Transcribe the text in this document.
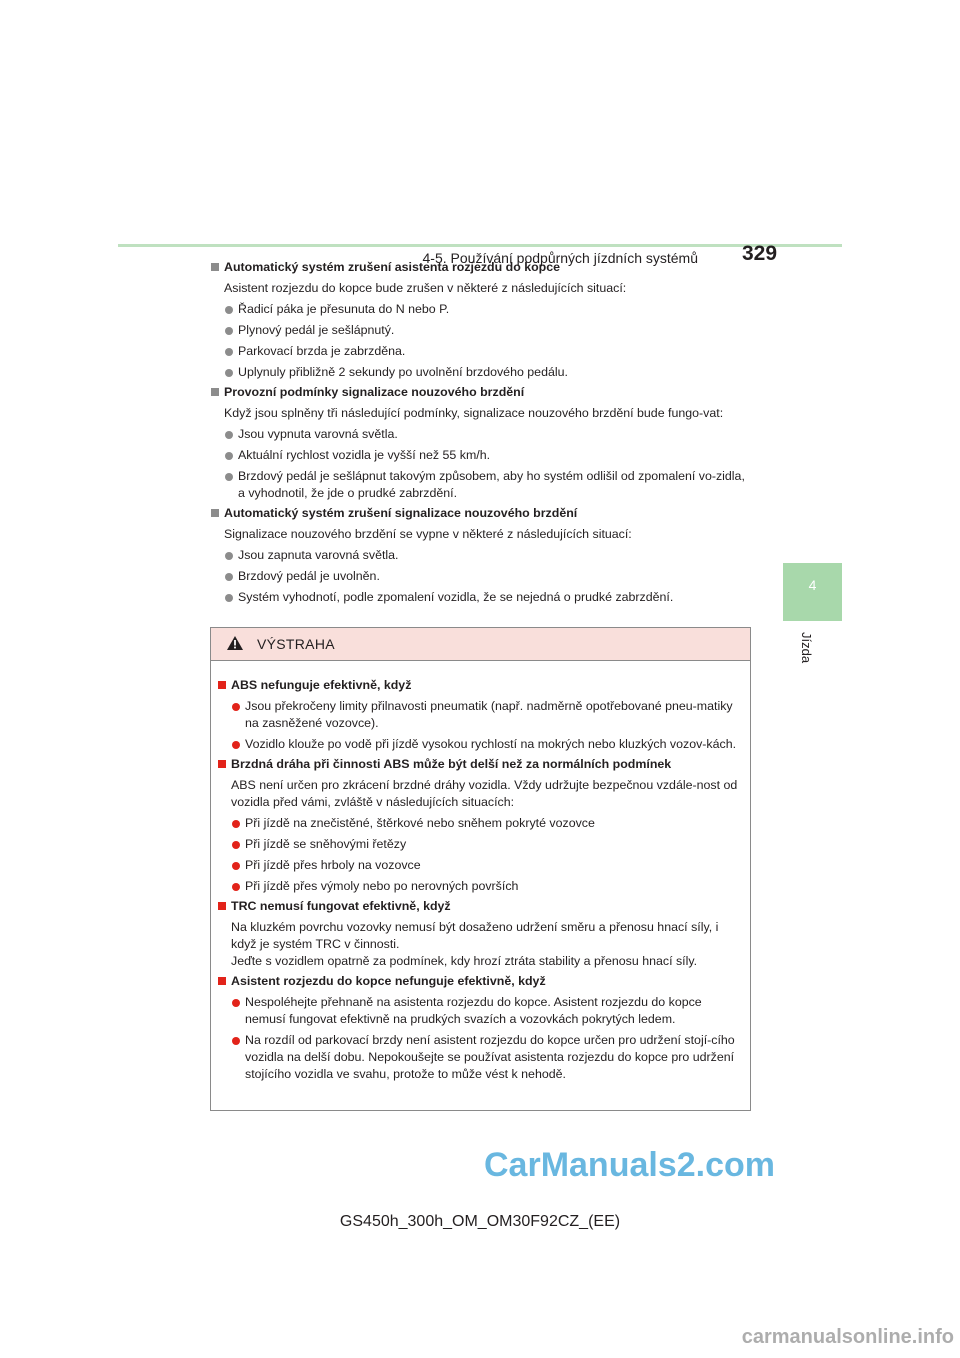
4-5. Používání podpůrných jízdních systémů 329
4
Jízda
Automatický systém zrušení asistenta rozjezdu do kopce
Asistent rozjezdu do kopce bude zrušen v některé z následujících situací:
Řadicí páka je přesunuta do N nebo P.
Plynový pedál je sešlápnutý.
Parkovací brzda je zabrzděna.
Uplynuly přibližně 2 sekundy po uvolnění brzdového pedálu.
Provozní podmínky signalizace nouzového brzdění
Když jsou splněny tři následující podmínky, signalizace nouzového brzdění bude fungo-vat:
Jsou vypnuta varovná světla.
Aktuální rychlost vozidla je vyšší než 55 km/h.
Brzdový pedál je sešlápnut takovým způsobem, aby ho systém odlišil od zpomalení vo-zidla, a vyhodnotil, že jde o prudké zabrzdění.
Automatický systém zrušení signalizace nouzového brzdění
Signalizace nouzového brzdění se vypne v některé z následujících situací:
Jsou zapnuta varovná světla.
Brzdový pedál je uvolněn.
Systém vyhodnotí, podle zpomalení vozidla, že se nejedná o prudké zabrzdění.
VÝSTRAHA
ABS nefunguje efektivně, když
Jsou překročeny limity přilnavosti pneumatik (např. nadměrně opotřebované pneu-matiky na zasněžené vozovce).
Vozidlo klouže po vodě při jízdě vysokou rychlostí na mokrých nebo kluzkých vozov-kách.
Brzdná dráha při činnosti ABS může být delší než za normálních podmínek
ABS není určen pro zkrácení brzdné dráhy vozidla. Vždy udržujte bezpečnou vzdále-nost od vozidla před vámi, zvláště v následujících situacích:
Při jízdě na znečistěné, štěrkové nebo sněhem pokryté vozovce
Při jízdě se sněhovými řetězy
Při jízdě přes hrboly na vozovce
Při jízdě přes výmoly nebo po nerovných površích
TRC nemusí fungovat efektivně, když
Na kluzkém povrchu vozovky nemusí být dosaženo udržení směru a přenosu hnací síly, i když je systém TRC v činnosti.
Jeďte s vozidlem opatrně za podmínek, kdy hrozí ztráta stability a přenosu hnací síly.
Asistent rozjezdu do kopce nefunguje efektivně, když
Nespoléhejte přehnaně na asistenta rozjezdu do kopce. Asistent rozjezdu do kopce nemusí fungovat efektivně na prudkých svazích a vozovkách pokrytých ledem.
Na rozdíl od parkovací brzdy není asistent rozjezdu do kopce určen pro udržení stojí-cího vozidla na delší dobu. Nepokoušejte se používat asistenta rozjezdu do kopce pro udržení stojícího vozidla ve svahu, protože to může vést k nehodě.
GS450h_300h_OM_OM30F92CZ_(EE)
CarManuals2.com
carmanualsonline.info
